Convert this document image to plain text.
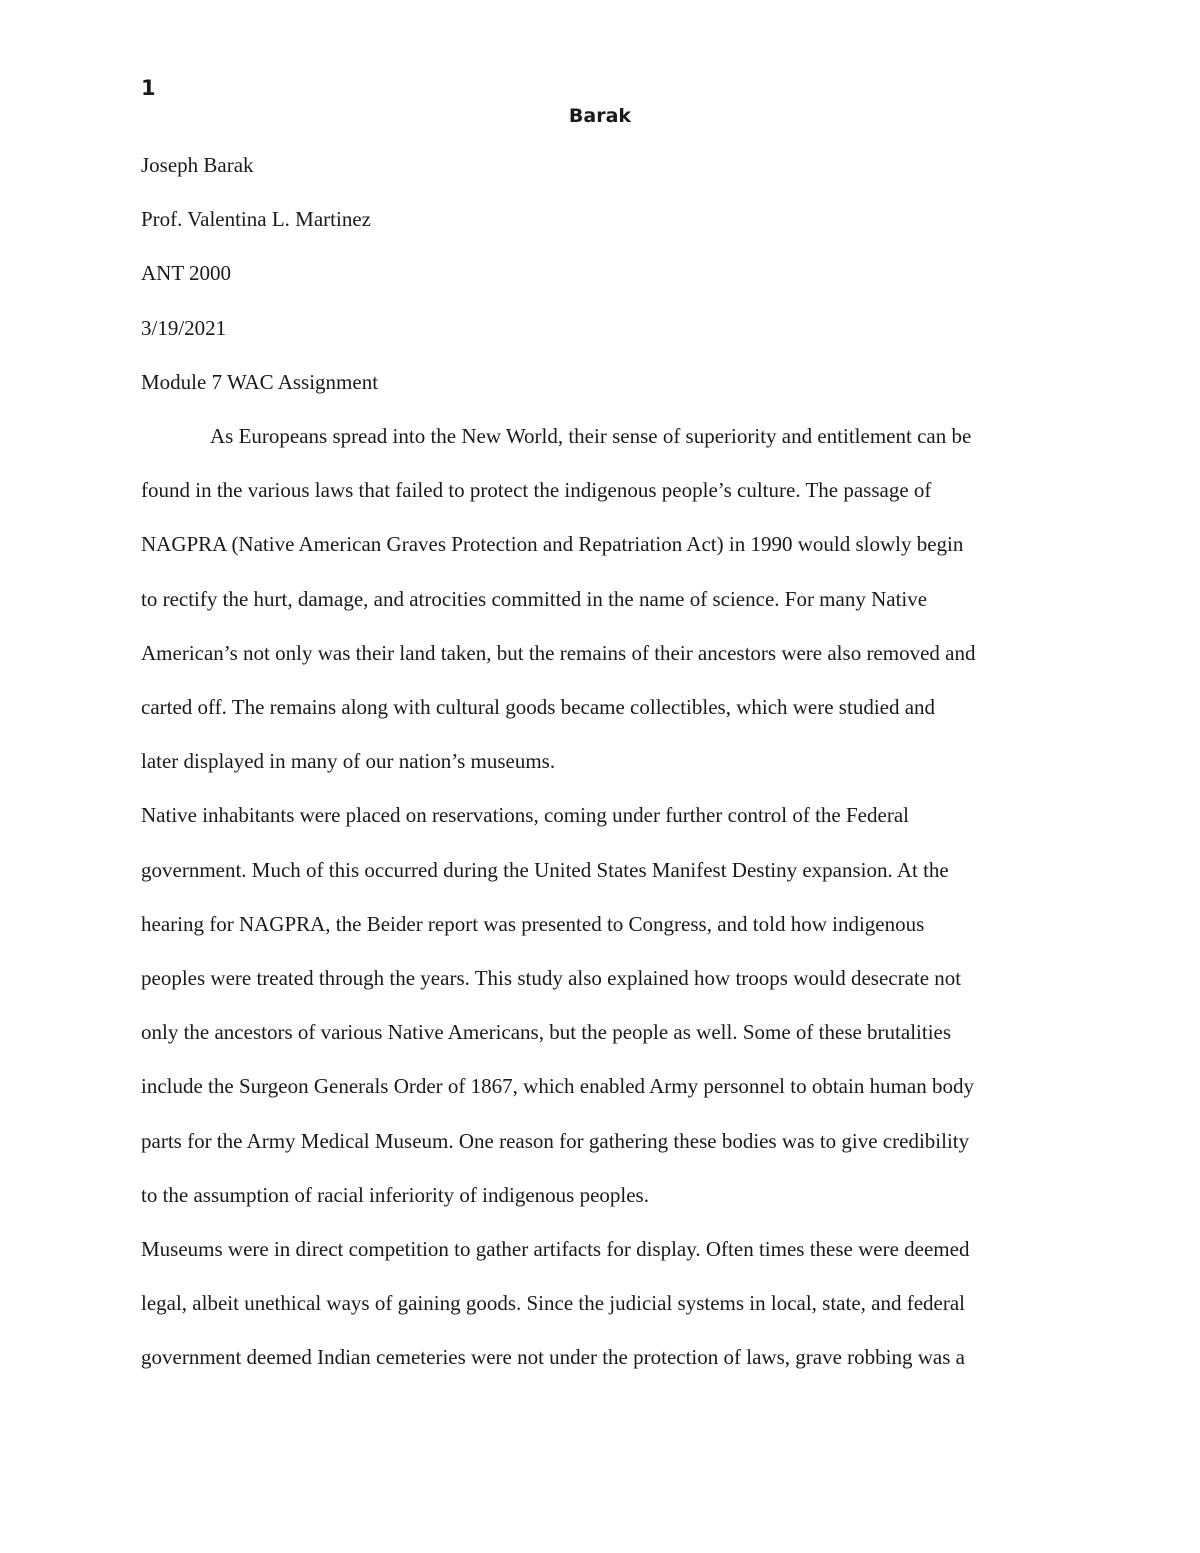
1
Barak

Joseph Barak

Prof. Valentina L. Martinez

ANT 2000

3/19/2021

Module 7 WAC Assignment

As Europeans spread into the New World, their sense of superiority and entitlement can be

found in the various laws that failed to protect the indigenous people’s culture. The passage of

NAGPRA (Native American Graves Protection and Repatriation Act) in 1990 would slowly begin

to rectify the hurt, damage, and atrocities committed in the name of science. For many Native

American’s not only was their land taken, but the remains of their ancestors were also removed and

carted off. The remains along with cultural goods became collectibles, which were studied and

later displayed in many of our nation’s museums.

Native inhabitants were placed on reservations, coming under further control of the Federal

government. Much of this occurred during the United States Manifest Destiny expansion. At the

hearing for NAGPRA, the Beider report was presented to Congress, and told how indigenous

peoples were treated through the years. This study also explained how troops would desecrate not

only the ancestors of various Native Americans, but the people as well. Some of these brutalities

include the Surgeon Generals Order of 1867, which enabled Army personnel to obtain human body

parts for the Army Medical Museum. One reason for gathering these bodies was to give credibility

to the assumption of racial inferiority of indigenous peoples.

Museums were in direct competition to gather artifacts for display. Often times these were deemed

legal, albeit unethical ways of gaining goods. Since the judicial systems in local, state, and federal

government deemed Indian cemeteries were not under the protection of laws, grave robbing was a
